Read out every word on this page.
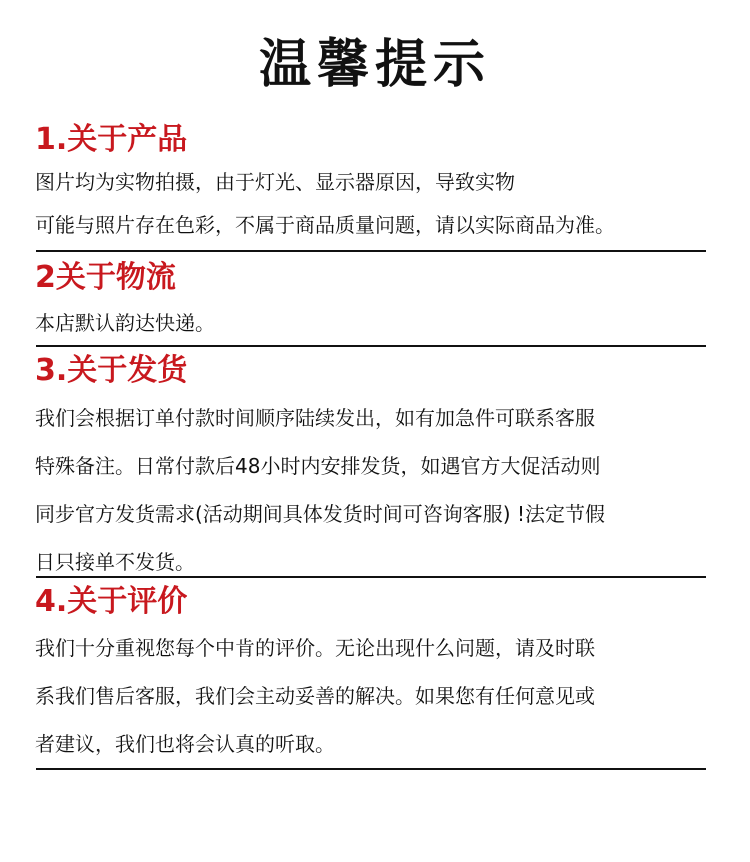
温馨提示
1.关于产品
图片均为实物拍摄，由于灯光、显示器原因，导致实物
可能与照片存在色彩，不属于商品质量问题，请以实际商品为准。
2关于物流
本店默认韵达快递。
3.关于发货
我们会根据订单付款时间顺序陆续发出，如有加急件可联系客服
特殊备注。日常付款后48小时内安排发货，如遇官方大促活动则
同步官方发货需求(活动期间具体发货时间可咨询客服) !法定节假
日只接单不发货。
4.关于评价
我们十分重视您每个中肯的评价。无论出现什么问题，请及时联
系我们售后客服，我们会主动妥善的解决。如果您有任何意见或
者建议，我们也将会认真的听取。
